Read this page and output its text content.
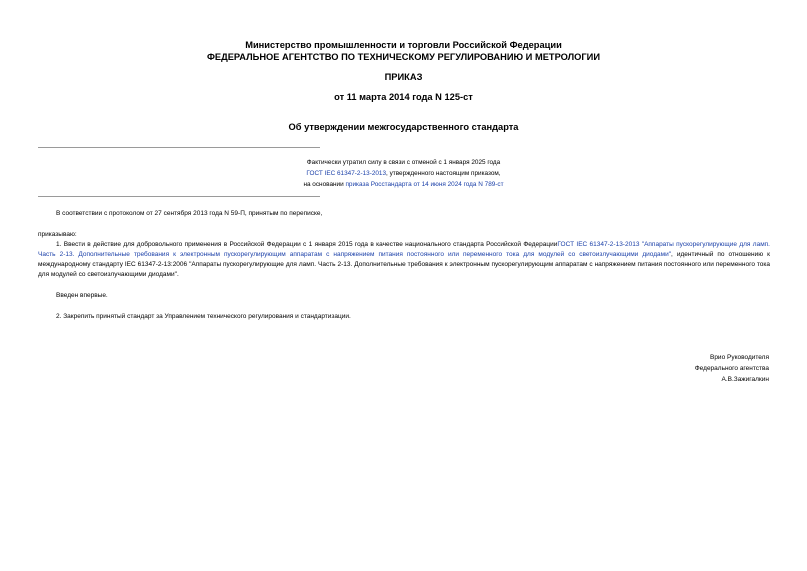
Министерство промышленности и торговли Российской Федерации
ФЕДЕРАЛЬНОЕ АГЕНТСТВО ПО ТЕХНИЧЕСКОМУ РЕГУЛИРОВАНИЮ И МЕТРОЛОГИИ
ПРИКАЗ
от 11 марта 2014 года N 125-ст
Об утверждении межгосударственного стандарта
Фактически утратил силу в связи с отменой с 1 января 2025 года
ГОСТ IEC 61347-2-13-2013, утвержденного настоящим приказом,
на основании приказа Росстандарта от 14 июня 2024 года N 789-ст
В соответствии с протоколом от 27 сентября 2013 года N 59-П, принятым по переписке,
приказываю:
1. Ввести в действие для добровольного применения в Российской Федерации с 1 января 2015 года в качестве национального стандарта Российской ФедерацииГОСТ IEC 61347-2-13-2013 "Аппараты пускорегулирующие для ламп. Часть 2-13. Дополнительные требования к электронным пускорегулирующим аппаратам с напряжением питания постоянного или переменного тока для модулей со светоизлучающими диодами", идентичный по отношению к международному стандарту IEC 61347-2-13:2006 "Аппараты пускорегулирующие для ламп. Часть 2-13. Дополнительные требования к электронным пускорегулирующим аппаратам с напряжением питания постоянного или переменного тока для модулей со светоизлучающими диодами".
Введен впервые.
2. Закрепить принятый стандарт за Управлением технического регулирования и стандартизации.
Врио Руководителя
Федерального агентства
А.В.Зажигалкин
